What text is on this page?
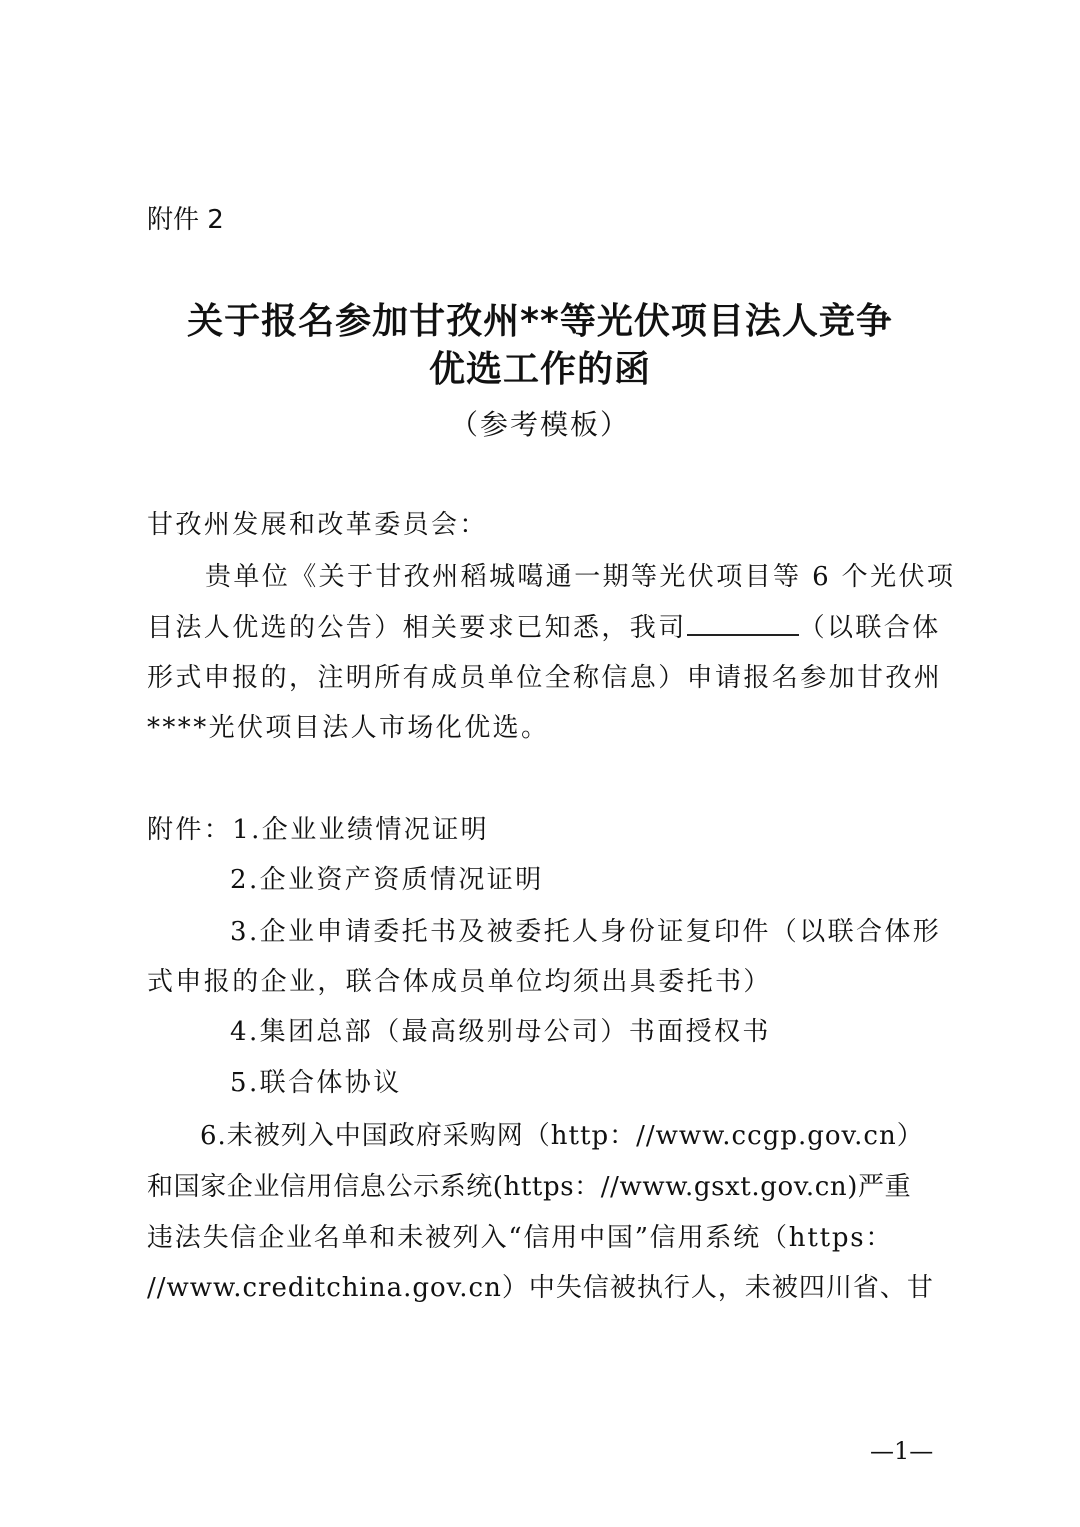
附件 2
关于报名参加甘孜州**等光伏项目法人竞争
优选工作的函
（参考模板）
甘孜州发展和改革委员会：
贵单位《关于甘孜州稻城噶通一期等光伏项目等 6 个光伏项
目法人优选的公告）相关要求已知悉，我司	（以联合体
形式申报的，注明所有成员单位全称信息）申请报名参加甘孜州
****光伏项目法人市场化优选。
附件：1.企业业绩情况证明
2.企业资产资质情况证明
3.企业申请委托书及被委托人身份证复印件（以联合体形
式申报的企业，联合体成员单位均须出具委托书）
4.集团总部（最高级别母公司）书面授权书
5.联合体协议
6.未被列入中国政府采购网（http：//www.ccgp.gov.cn）
和国家企业信用信息公示系统(https：//www.gsxt.gov.cn)严重
违法失信企业名单和未被列入“信用中国”信用系统（https：
//www.creditchina.gov.cn）中失信被执行人，未被四川省、甘
—1—
